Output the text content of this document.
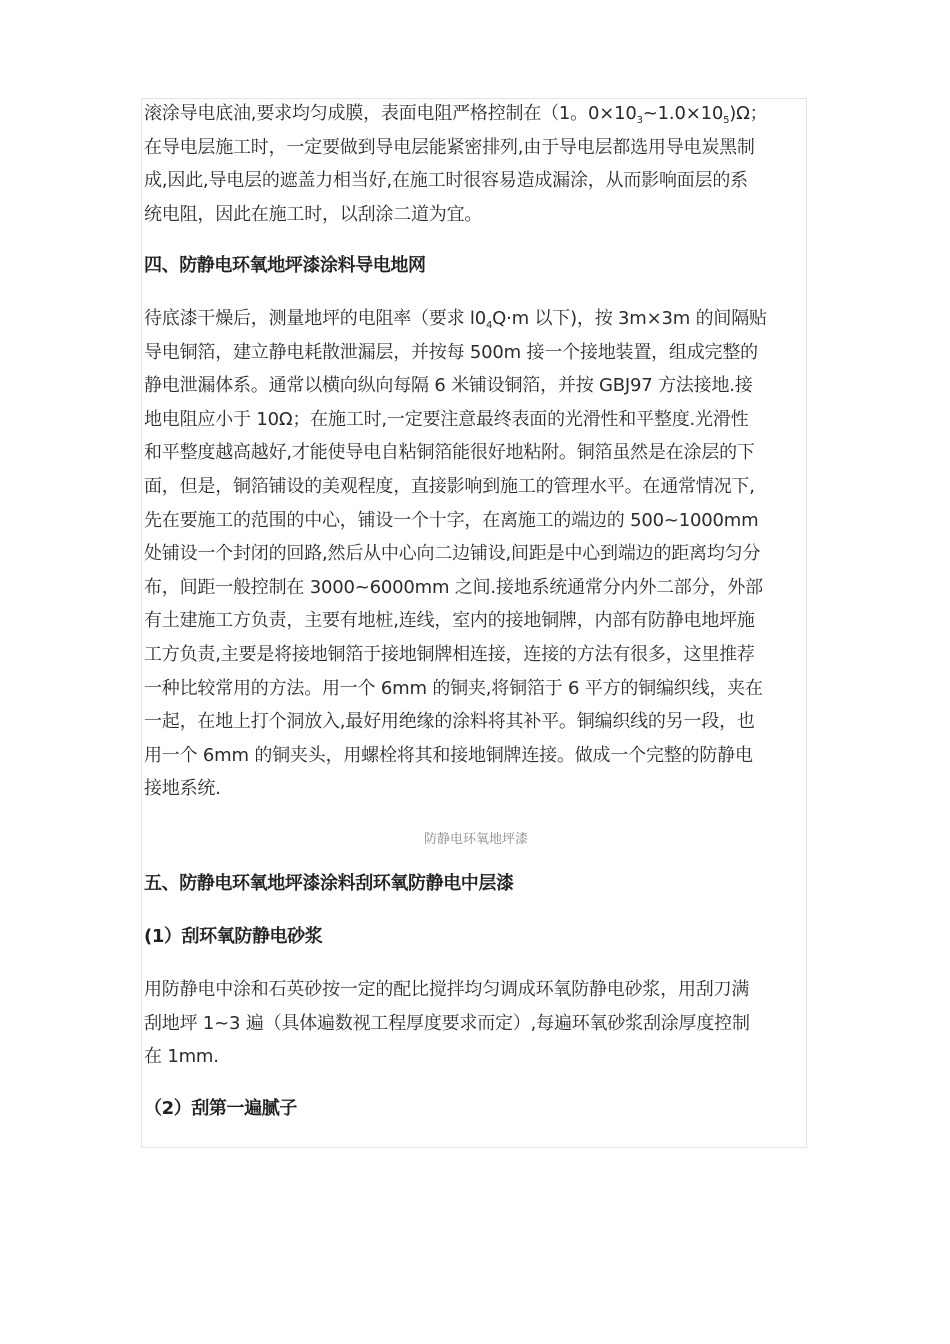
滚涂导电底油,要求均匀成膜，表面电阻严格控制在（1。$0\times 10_3\sim 1.0\times 10_5)\Omega$；
在导电层施工时，一定要做到导电层能紧密排列,由于导电层都选用导电炭黑制
成,因此,导电层的遮盖力相当好,在施工时很容易造成漏涂，从而影响面层的系
统电阻，因此在施工时，以刮涂二道为宜。

四、防静电环氧地坪漆涂料导电地网

待底漆干燥后，测量地坪的电阻率（要求 $l0_4Q\cdot m$ 以下)，按 3m×3m 的间隔贴
导电铜箔，建立静电耗散泄漏层，并按每 500m 接一个接地装置，组成完整的
静电泄漏体系。通常以横向纵向每隔 6 米铺设铜箔，并按 GBJ97 方法接地.接
地电阻应小于 10Ω；在施工时,一定要注意最终表面的光滑性和平整度.光滑性
和平整度越高越好,才能使导电自粘铜箔能很好地粘附。铜箔虽然是在涂层的下
面，但是，铜箔铺设的美观程度，直接影响到施工的管理水平。在通常情况下,
先在要施工的范围的中心，铺设一个十字，在离施工的端边的 500~1000mm
处铺设一个封闭的回路,然后从中心向二边铺设,间距是中心到端边的距离均匀分
布，间距一般控制在 3000~6000mm 之间.接地系统通常分内外二部分，外部
有土建施工方负责，主要有地桩,连线，室内的接地铜牌，内部有防静电地坪施
工方负责,主要是将接地铜箔于接地铜牌相连接，连接的方法有很多，这里推荐
一种比较常用的方法。用一个 6mm 的铜夹,将铜箔于 6 平方的铜编织线，夹在
一起，在地上打个洞放入,最好用绝缘的涂料将其补平。铜编织线的另一段，也
用一个 6mm 的铜夹头，用螺栓将其和接地铜牌连接。做成一个完整的防静电
接地系统.

防静电环氧地坪漆

五、防静电环氧地坪漆涂料刮环氧防静电中层漆
(1）刮环氧防静电砂浆

用防静电中涂和石英砂按一定的配比搅拌均匀调成环氧防静电砂浆，用刮刀满
刮地坪 1~3 遍（具体遍数视工程厚度要求而定）,每遍环氧砂浆刮涂厚度控制
在 1mm.

（2）刮第一遍腻子
